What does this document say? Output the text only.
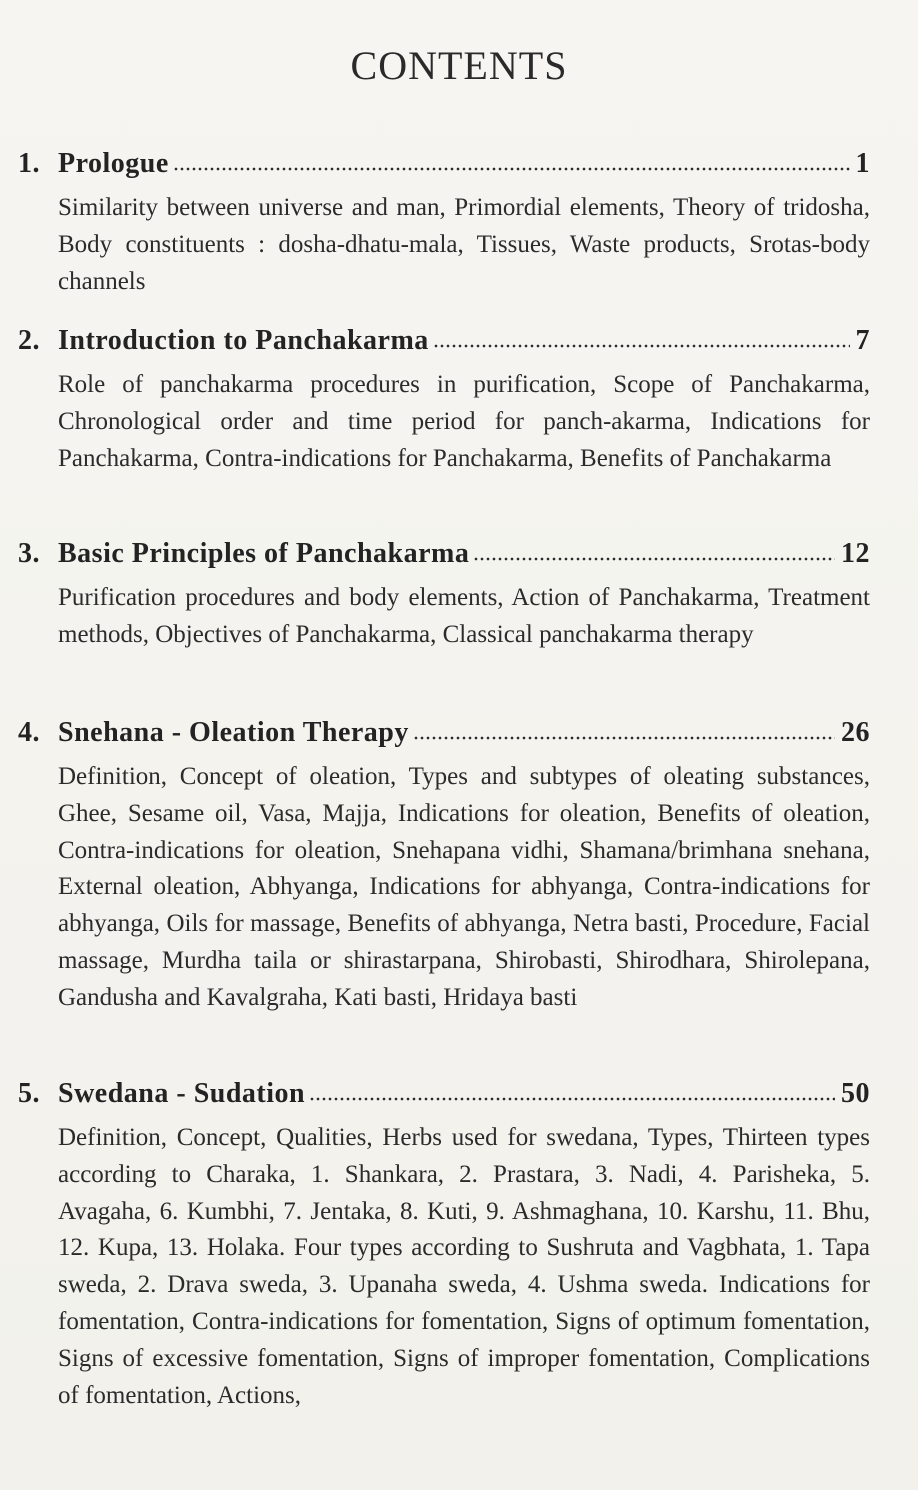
CONTENTS
1. Prologue	1
Similarity between universe and man, Primordial elements, Theory of tridosha, Body constituents : dosha-dhatu-mala, Tissues, Waste products, Srotas-body channels
2. Introduction to Panchakarma	7
Role of panchakarma procedures in purification, Scope of Panchakarma, Chronological order and time period for panch-akarma, Indications for Panchakarma, Contra-indications for Panchakarma, Benefits of Panchakarma
3. Basic Principles of Panchakarma	12
Purification procedures and body elements, Action of Panchakarma, Treatment methods, Objectives of Panchakarma, Classical panchakarma therapy
4. Snehana - Oleation Therapy	26
Definition, Concept of oleation, Types and subtypes of oleating substances, Ghee, Sesame oil, Vasa, Majja, Indications for oleation, Benefits of oleation, Contra-indications for oleation, Snehapana vidhi, Shamana/brimhana snehana, External oleation, Abhyanga, Indications for abhyanga, Contra-indications for abhyanga, Oils for massage, Benefits of abhyanga, Netra basti, Procedure, Facial massage, Murdha taila or shirastarpana, Shirobasti, Shirodhara, Shirolepana, Gandusha and Kavalgraha, Kati basti, Hridaya basti
5. Swedana - Sudation	50
Definition, Concept, Qualities, Herbs used for swedana, Types, Thirteen types according to Charaka, 1. Shankara, 2. Prastara, 3. Nadi, 4. Parisheka, 5. Avagaha, 6. Kumbhi, 7. Jentaka, 8. Kuti, 9. Ashmaghana, 10. Karshu, 11. Bhu, 12. Kupa, 13. Holaka. Four types according to Sushruta and Vagbhata, 1. Tapa sweda, 2. Drava sweda, 3. Upanaha sweda, 4. Ushma sweda. Indications for fomentation, Contra-indications for fomentation, Signs of optimum fomentation, Signs of excessive fomentation, Signs of improper fomentation, Complications of fomentation, Actions,
